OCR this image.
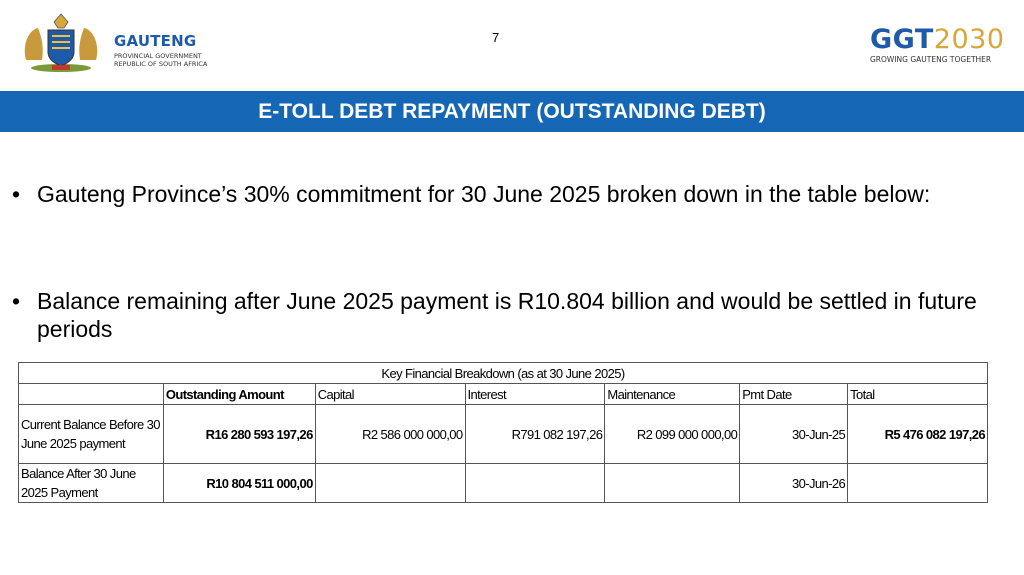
GAUTENG
PROVINCIAL GOVERNMENT
REPUBLIC OF SOUTH AFRICA
7	GGT2030
GROWING GAUTENG TOGETHER
E-TOLL DEBT REPAYMENT (OUTSTANDING DEBT)
• Gauteng Province’s 30% commitment for 30 June 2025 broken down in the table below:
• Balance remaining after June 2025 payment is R10.804 billion and would be settled in future periods
Key Financial Breakdown (as at 30 June 2025)						
	Outstanding Amount	Capital	Interest	Maintenance	Pmt Date	Total
Current Balance Before 30 June 2025 payment	R16 280 593 197,26	R2 586 000 000,00	R791 082 197,26	R2 099 000 000,00	30-Jun-25	R5 476 082 197,26
Balance After 30 June 2025 Payment	R10 804 511 000,00				30-Jun-26	
